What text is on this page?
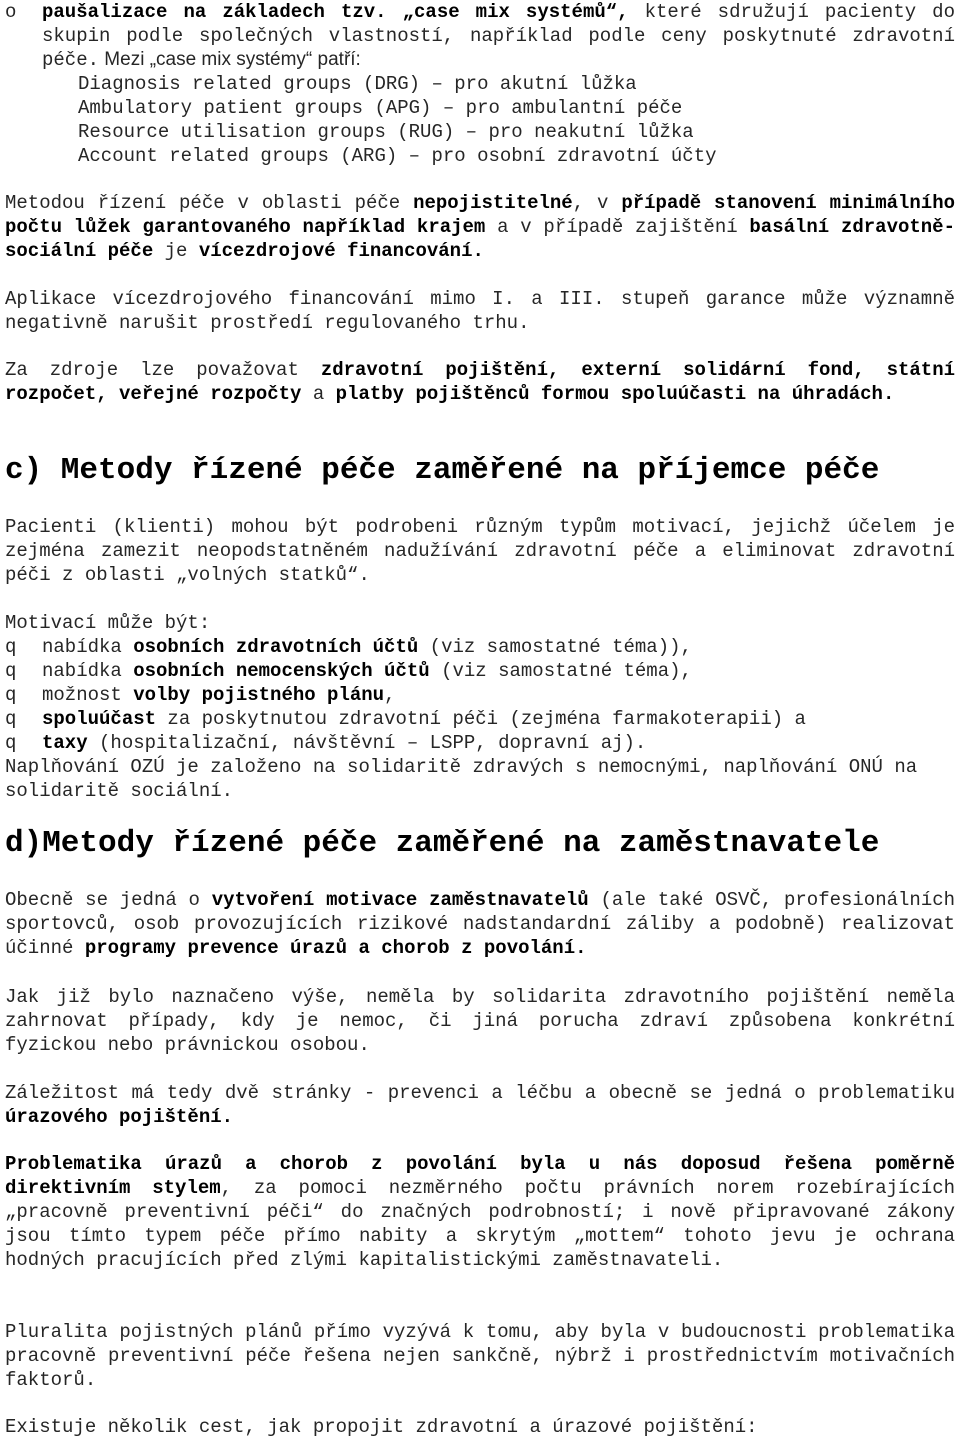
o	paušalizace na základech tzv. „case mix systémů“, které sdružují pacienty do skupin podle společných vlastností, například podle ceny poskytnuté zdravotní péče. Mezi „case mix systémy“ patří:
Diagnosis related groups (DRG) – pro akutní lůžka
Ambulatory patient groups (APG) – pro ambulantní péče
Resource utilisation groups (RUG) – pro neakutní lůžka
Account related groups (ARG) – pro osobní zdravotní účty

Metodou řízení péče v oblasti péče nepojistitelné, v případě stanovení minimálního počtu lůžek garantovaného například krajem a v případě zajištění basální zdravotně-sociální péče je vícezdrojové financování.

Aplikace vícezdrojového financování mimo I. a III. stupeň garance může významně negativně narušit prostředí regulovaného trhu.

Za zdroje lze považovat zdravotní pojištění, externí solidární fond, státní rozpočet, veřejné rozpočty a platby pojištěnců formou spoluúčasti na úhradách.

c) Metody řízené péče zaměřené na příjemce péče

Pacienti (klienti) mohou být podrobeni různým typům motivací, jejichž účelem je zejména zamezit neopodstatněném nadužívání zdravotní péče a eliminovat zdravotní péči z oblasti „volných statků“.

Motivací může být:
q	nabídka osobních zdravotních účtů (viz samostatné téma)),
q	nabídka osobních nemocenských účtů (viz samostatné téma),
q	možnost volby pojistného plánu,
q	spoluúčast za poskytnutou zdravotní péči (zejména farmakoterapii) a
q	taxy (hospitalizační, návštěvní – LSPP, dopravní aj).
Naplňování OZÚ je založeno na solidaritě zdravých s nemocnými, naplňování ONÚ na solidaritě sociální.
d)Metody řízené péče zaměřené na zaměstnavatele

Obecně se jedná o vytvoření motivace zaměstnavatelů (ale také OSVČ, profesionálních sportovců, osob provozujících rizikové nadstandardní záliby a podobně) realizovat účinné programy prevence úrazů a chorob z povolání.

Jak již bylo naznačeno výše, neměla by solidarita zdravotního pojištění neměla zahrnovat případy, kdy je nemoc, či jiná porucha zdraví způsobena konkrétní fyzickou nebo právnickou osobou.

Záležitost má tedy dvě stránky - prevenci a léčbu a obecně se jedná o problematiku úrazového pojištění.

Problematika úrazů a chorob z povolání byla u nás doposud řešena poměrně direktivním stylem, za pomoci nezměrného počtu právních norem rozebírajících „pracovně preventivní péči“ do značných podrobností; i nově připravované zákony jsou tímto typem péče přímo nabity a skrytým „mottem“ tohoto jevu je ochrana hodných pracujících před zlými kapitalistickými zaměstnavateli.

Pluralita pojistných plánů přímo vyzývá k tomu, aby byla v budoucnosti problematika pracovně preventivní péče řešena nejen sankčně, nýbrž i prostřednictvím motivačních faktorů.

Existuje několik cest, jak propojit zdravotní a úrazové pojištění:
